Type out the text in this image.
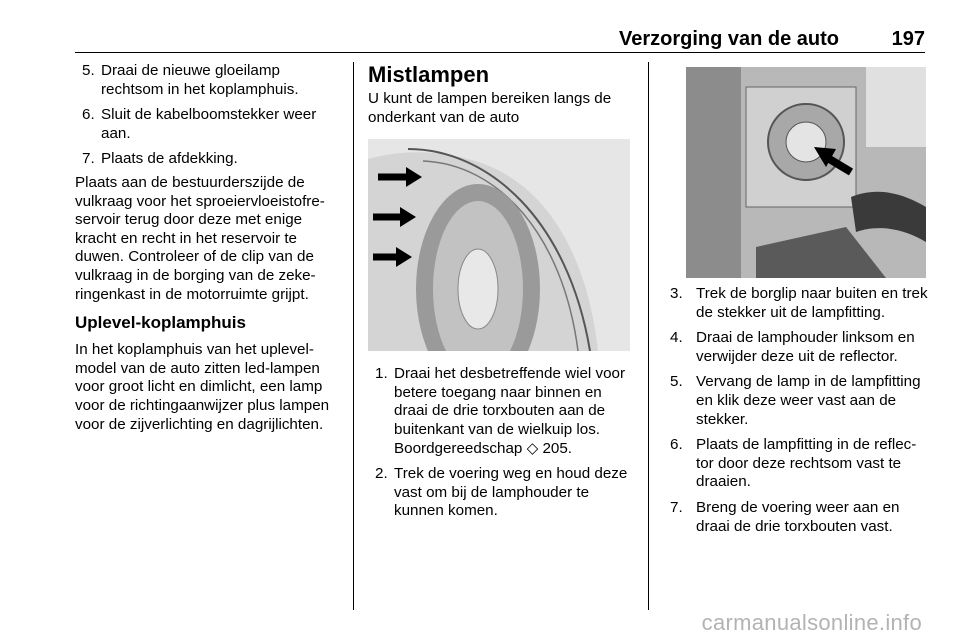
Verzorging van de auto	197
5. Draai de nieuwe gloeilamp rechtsom in het koplamphuis.
6. Sluit de kabelboomstekker weer aan.
7. Plaats de afdekking.

Plaats aan de bestuurderszijde de vulkraag voor het sproeiervloeistofre-servoir terug door deze met enige kracht en recht in het reservoir te duwen. Controleer of de clip van de vulkraag in de borging van de zeke-ringenkast in de motorruimte grijpt.

Uplevel-koplamphuis

In het koplamphuis van het uplevel-model van de auto zitten led-lampen voor groot licht en dimlicht, een lamp voor de richtingaanwijzer plus lampen voor de zijverlichting en dagrijlichten.

Mistlampen

U kunt de lampen bereiken langs de onderkant van de auto

1. Draai het desbetreffende wiel voor betere toegang naar binnen en draai de drie torxbouten aan de buitenkant van de wielkuip los. Boordgereedschap ◇ 205.
2. Trek de voering weg en houd deze vast om bij de lamphouder te kunnen komen.
3. Trek de borglip naar buiten en trek de stekker uit de lampfitting.
4. Draai de lamphouder linksom en verwijder deze uit de reflector.
5. Vervang de lamp in de lampfitting en klik deze weer vast aan de stekker.
6. Plaats de lampfitting in de reflec-tor door deze rechtsom vast te draaien.
7. Breng de voering weer aan en draai de drie torxbouten vast.
carmanualsonline.info
